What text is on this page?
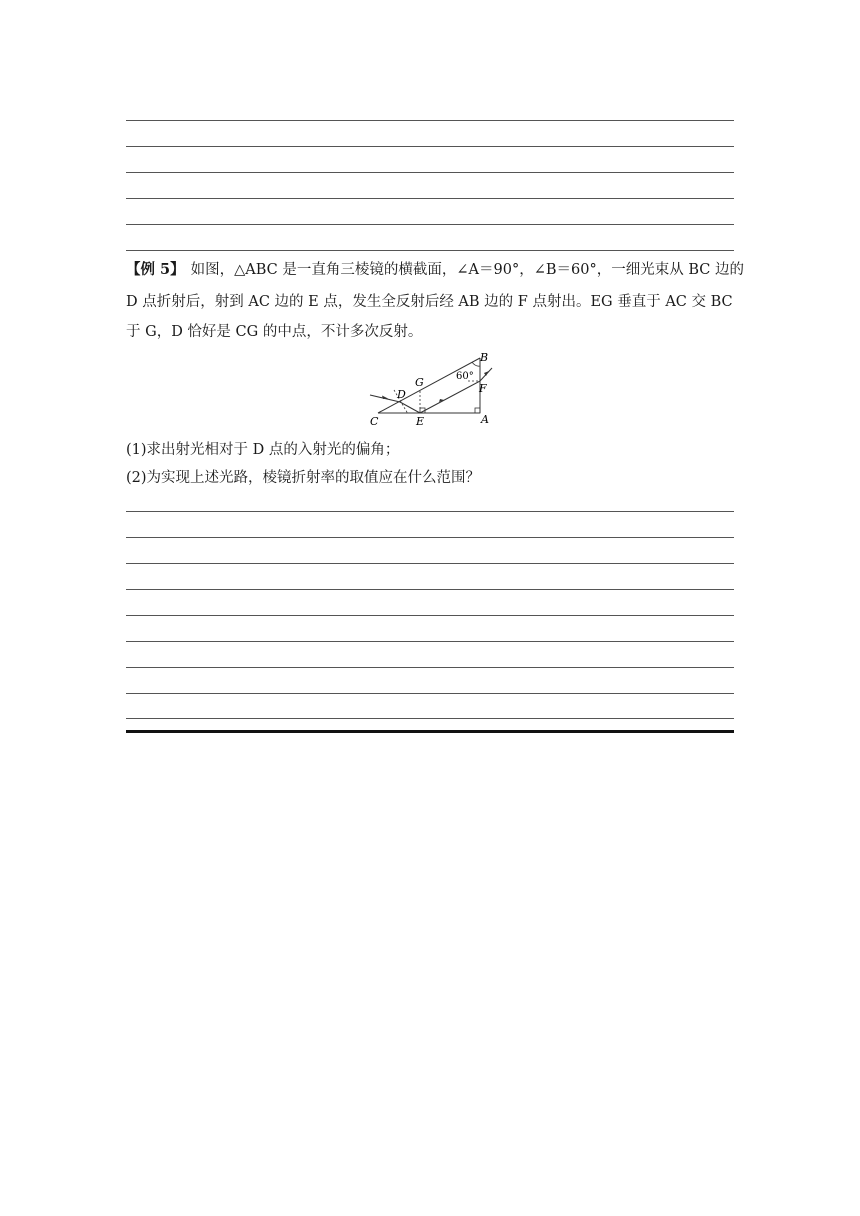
【例 5】 如图，△ABC 是一直角三棱镜的横截面，∠A＝90°，∠B＝60°，一细光束从 BC 边的
D 点折射后，射到 AC 边的 E 点，发生全反射后经 AB 边的 F 点射出。EG 垂直于 AC 交 BC
于 G，D 恰好是 CG 的中点，不计多次反射。
C
D
E
G
B
F
A
60°
(1)求出射光相对于 D 点的入射光的偏角；
(2)为实现上述光路，棱镜折射率的取值应在什么范围？
